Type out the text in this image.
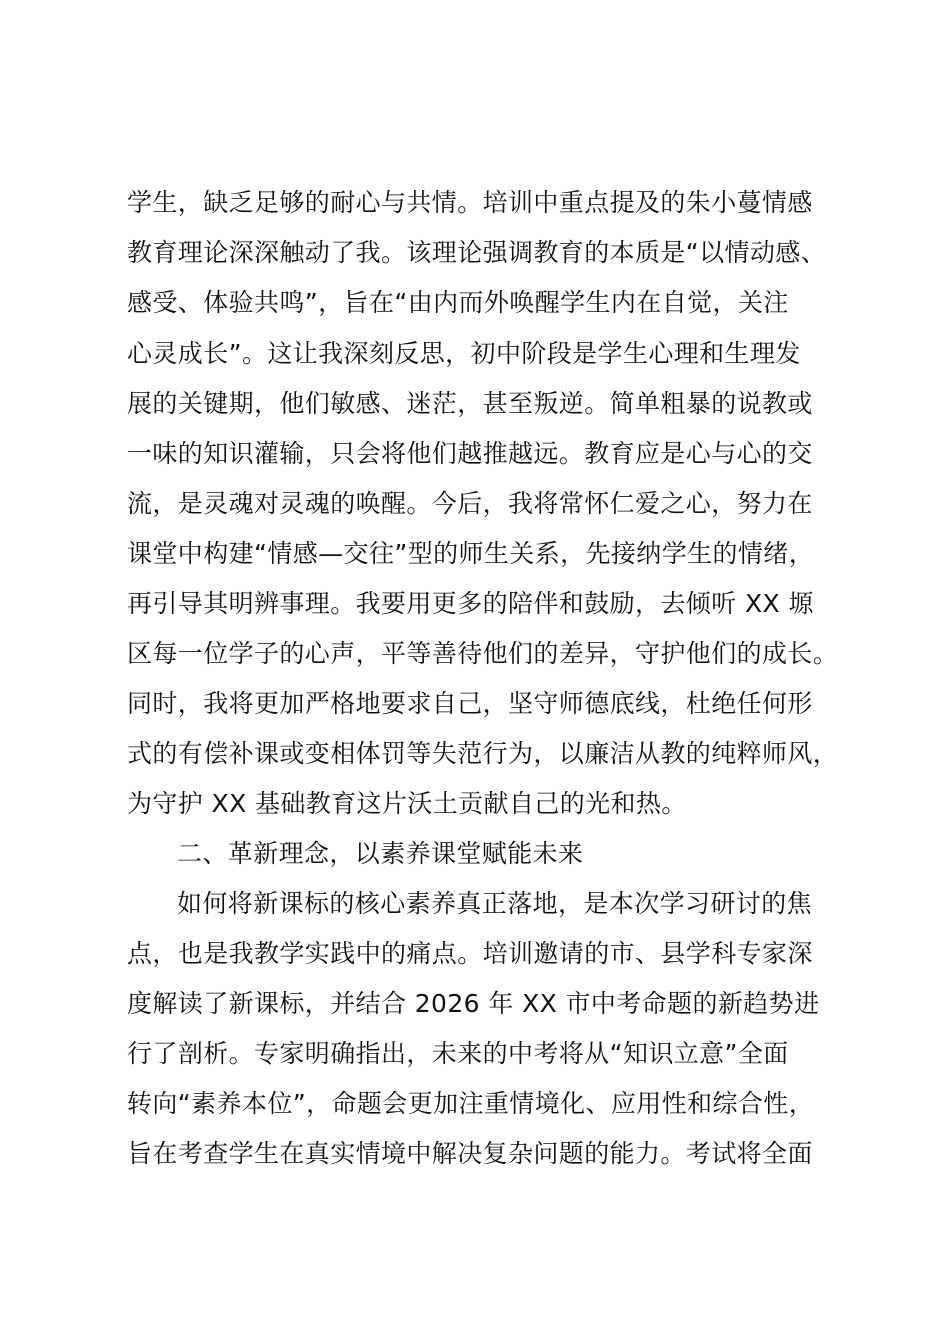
学生，缺乏足够的耐心与共情。培训中重点提及的朱小蔓情感
教育理论深深触动了我。该理论强调教育的本质是“以情动感、
感受、体验共鸣”，旨在“由内而外唤醒学生内在自觉，关注
心灵成长”。这让我深刻反思，初中阶段是学生心理和生理发
展的关键期，他们敏感、迷茫，甚至叛逆。简单粗暴的说教或
一味的知识灌输，只会将他们越推越远。教育应是心与心的交
流，是灵魂对灵魂的唤醒。今后，我将常怀仁爱之心，努力在
课堂中构建“情感—交往”型的师生关系，先接纳学生的情绪，
再引导其明辨事理。我要用更多的陪伴和鼓励，去倾听 XX 塬
区每一位学子的心声，平等善待他们的差异，守护他们的成长。
同时，我将更加严格地要求自己，坚守师德底线，杜绝任何形
式的有偿补课或变相体罚等失范行为，以廉洁从教的纯粹师风，
为守护 XX 基础教育这片沃土贡献自己的光和热。
二、革新理念，以素养课堂赋能未来
如何将新课标的核心素养真正落地，是本次学习研讨的焦
点，也是我教学实践中的痛点。培训邀请的市、县学科专家深
度解读了新课标，并结合 2026 年 XX 市中考命题的新趋势进
行了剖析。专家明确指出，未来的中考将从“知识立意”全面
转向“素养本位”，命题会更加注重情境化、应用性和综合性，
旨在考查学生在真实情境中解决复杂问题的能力。考试将全面
